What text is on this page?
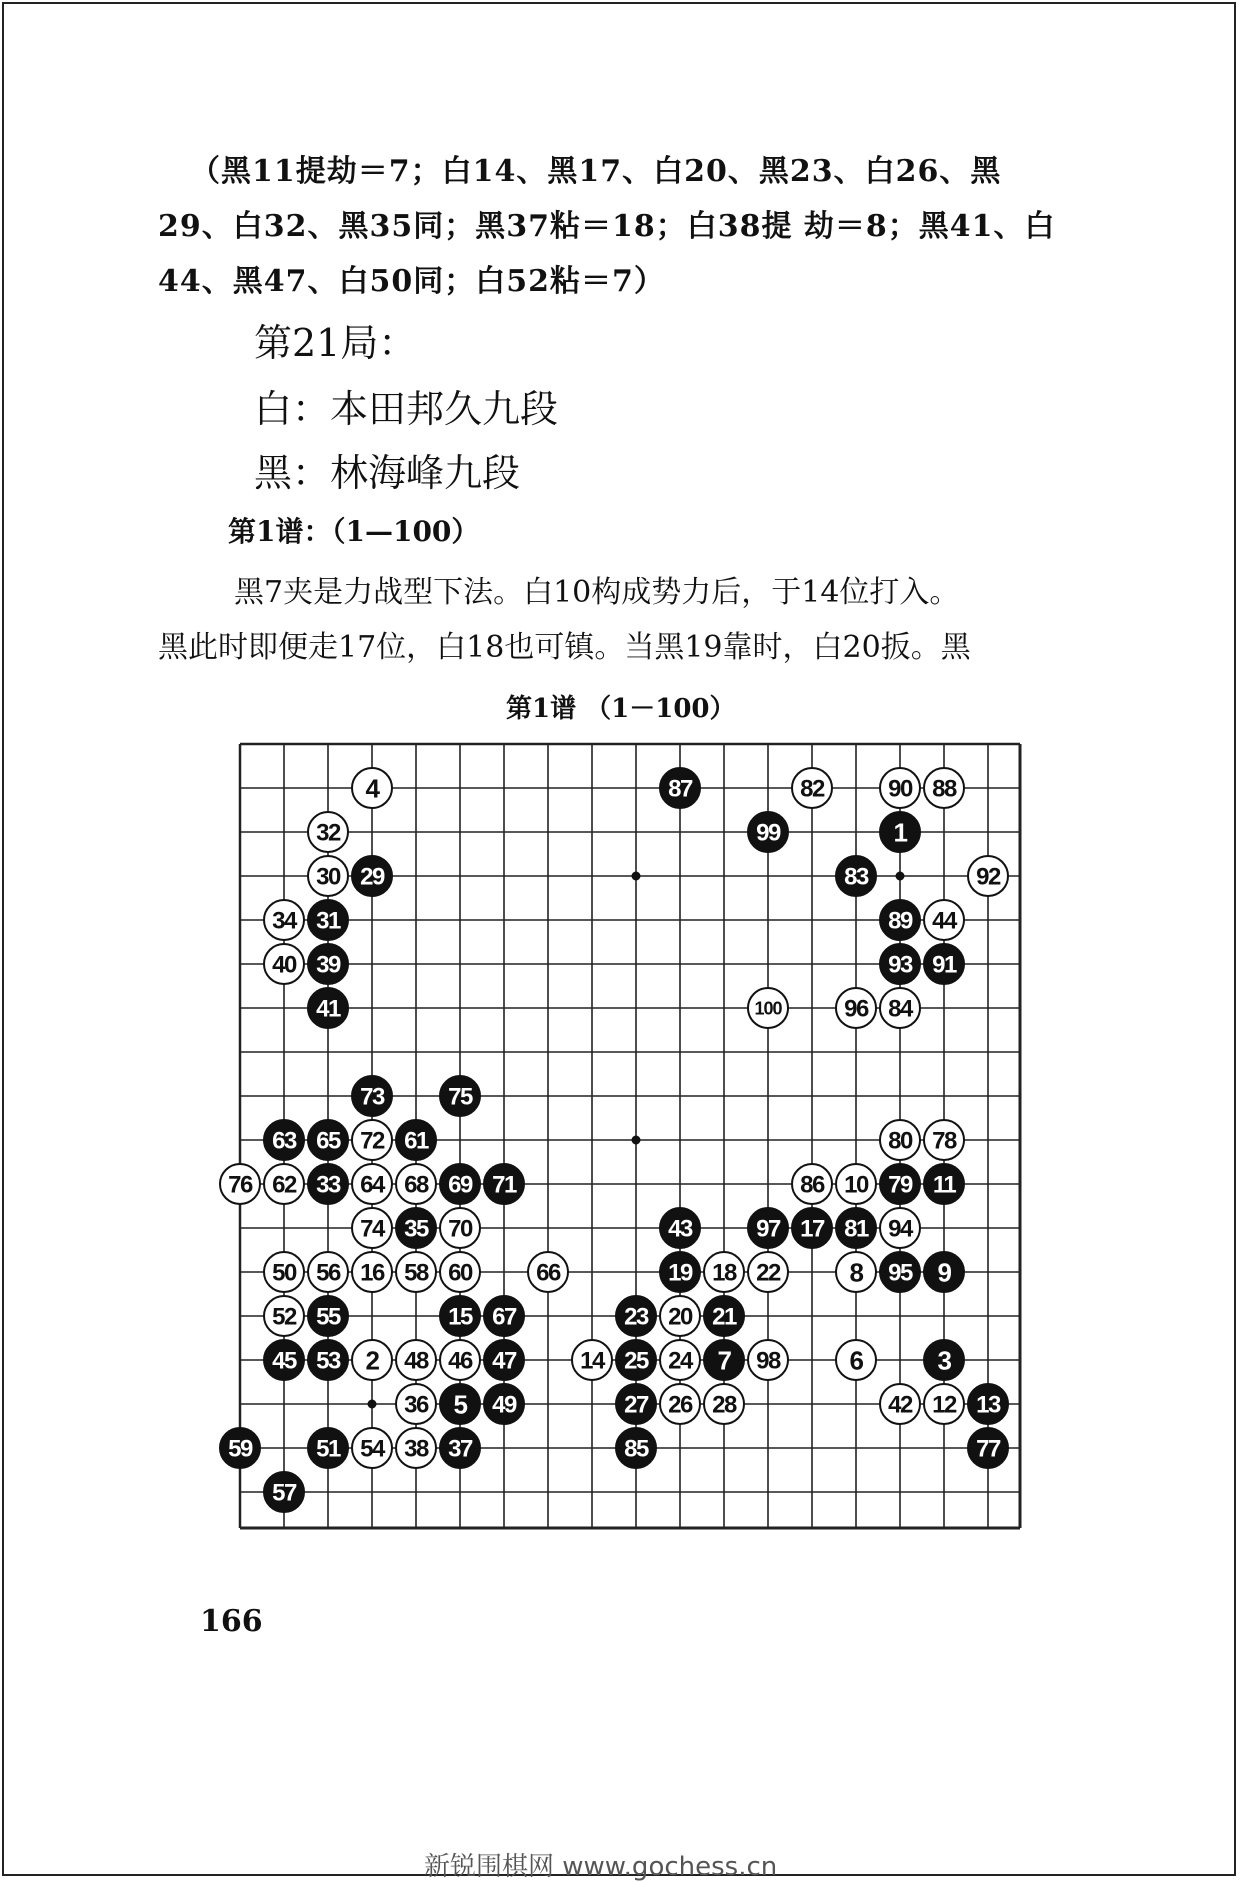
（黑11提劫＝7；白14、黑17、白20、黑23、白26、黑
29、白32、黑35同；黑37粘＝18；白38提 劫＝8；黑41、白
44、黑47、白50同；白52粘＝7）
第21局：
白：本田邦久九段
黑：林海峰九段
第1谱：（1—100）
黑7夹是力战型下法。白10构成势力后，于14位打入。
黑此时即便走17位，白18也可镇。当黑19靠时，白20扳。黑
第1谱 （1－100）
4	87	82	90 88
32	99	1
30 29	83	92
34 31	89 44
40 39	93 91
41	100	96 84
73	75
63 65 72 61	80 78
76 62 33 64 68 69 71	86 10 79 11
74 35 70	43	97 17 81 94
50 56 16 58 60	66	19 18 22	8 95 9
52 55	15 67	23 20 21
45 53 2 48 46 47	14 25 24 7 98	6	3
36 5 49	27 26 28	42 12 13
59	51 54 38 37	85	77
57
166
新锐围棋网 www.gochess.cn
